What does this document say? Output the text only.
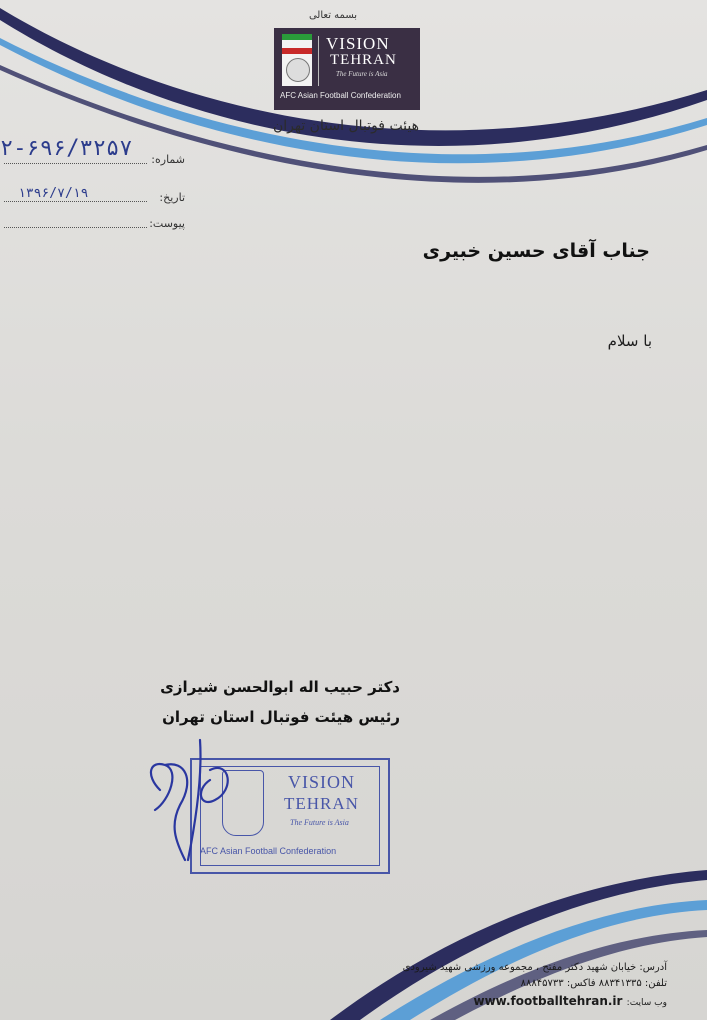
بسمه تعالی
VISION
TEHRAN
The Future is Asia
AFC Asian Football Confederation
هیئت فوتبال استان تهران
شماره:
۲-۶۹۶/۳۲۵۷
تاریخ:
۱۳۹۶/۷/۱۹
پیوست:
جناب آقای حسین خبیری
با سلام
دکتر حبیب اله ابوالحسن شیرازی
رئیس هیئت فوتبال استان تهران
VISION
TEHRAN
The Future is Asia
AFC Asian Football Confederation
آدرس: خیابان شهید دکتر مفتح ، مجموعه ورزشی شهید شیرودی
تلفن: ۸۸۳۴۱۳۳۵ فاکس: ۸۸۸۴۵۷۳۳
www.footballtehran.ir وب سایت:
